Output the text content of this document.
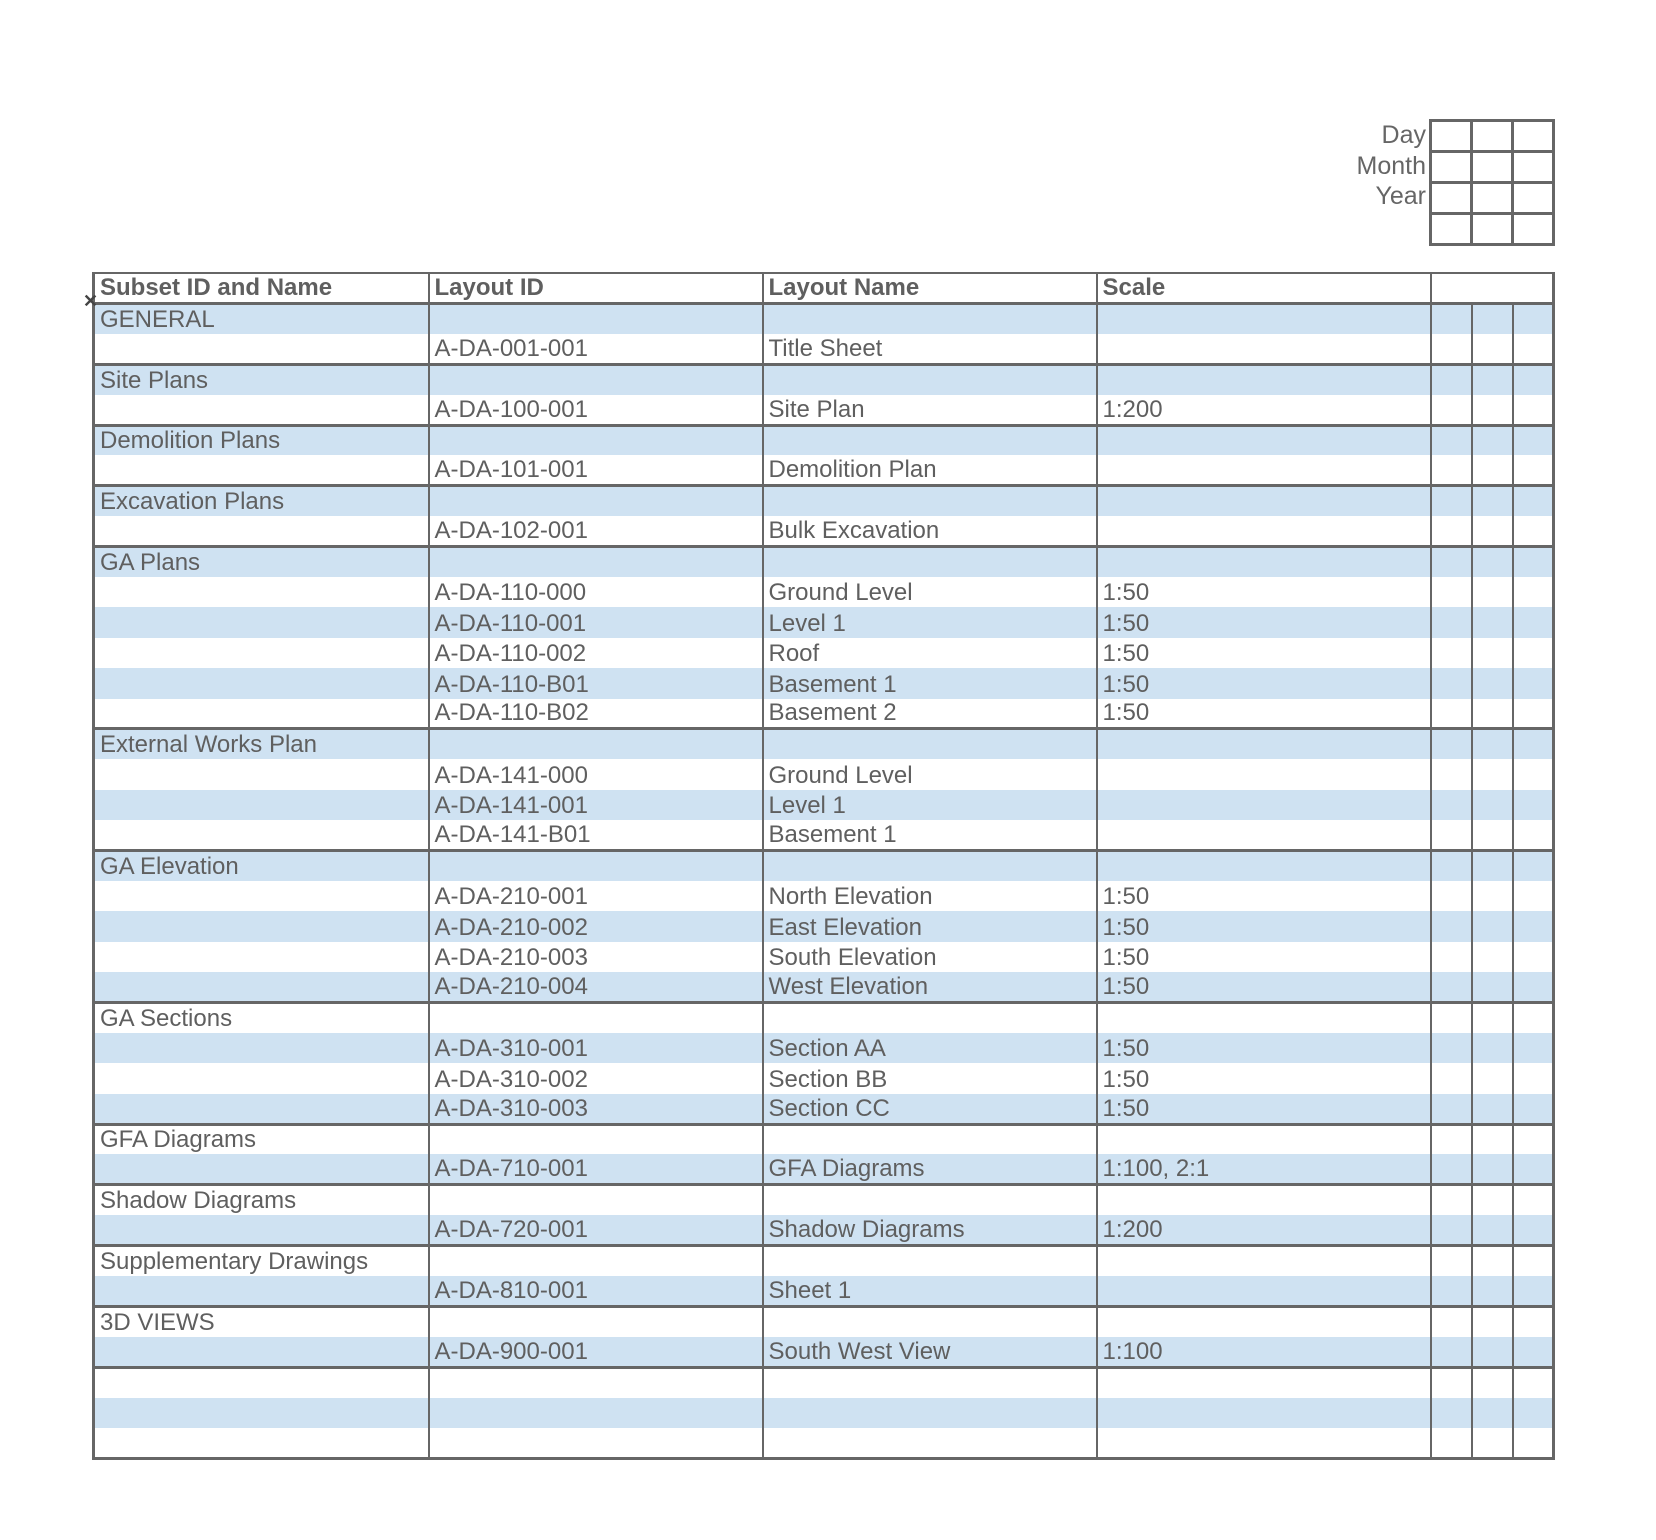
Day
Month
Year

Subset ID and Name	Layout ID	Layout Name	Scale			
GENERAL						
	A-DA-001-001	Title Sheet				
Site Plans						
	A-DA-100-001	Site Plan	1:200			
Demolition Plans						
	A-DA-101-001	Demolition Plan				
Excavation Plans						
	A-DA-102-001	Bulk Excavation				
GA Plans						
	A-DA-110-000	Ground Level	1:50			
	A-DA-110-001	Level 1	1:50			
	A-DA-110-002	Roof	1:50			
	A-DA-110-B01	Basement 1	1:50			
	A-DA-110-B02	Basement 2	1:50			
External Works Plan						
	A-DA-141-000	Ground Level				
	A-DA-141-001	Level 1				
	A-DA-141-B01	Basement 1				
GA Elevation						
	A-DA-210-001	North Elevation	1:50			
	A-DA-210-002	East Elevation	1:50			
	A-DA-210-003	South Elevation	1:50			
	A-DA-210-004	West Elevation	1:50			
GA Sections						
	A-DA-310-001	Section AA	1:50			
	A-DA-310-002	Section BB	1:50			
	A-DA-310-003	Section CC	1:50			
GFA Diagrams						
	A-DA-710-001	GFA Diagrams	1:100, 2:1			
Shadow Diagrams						
	A-DA-720-001	Shadow Diagrams	1:200			
Supplementary Drawings						
	A-DA-810-001	Sheet 1				
3D VIEWS						
	A-DA-900-001	South West View	1:100			

✕
